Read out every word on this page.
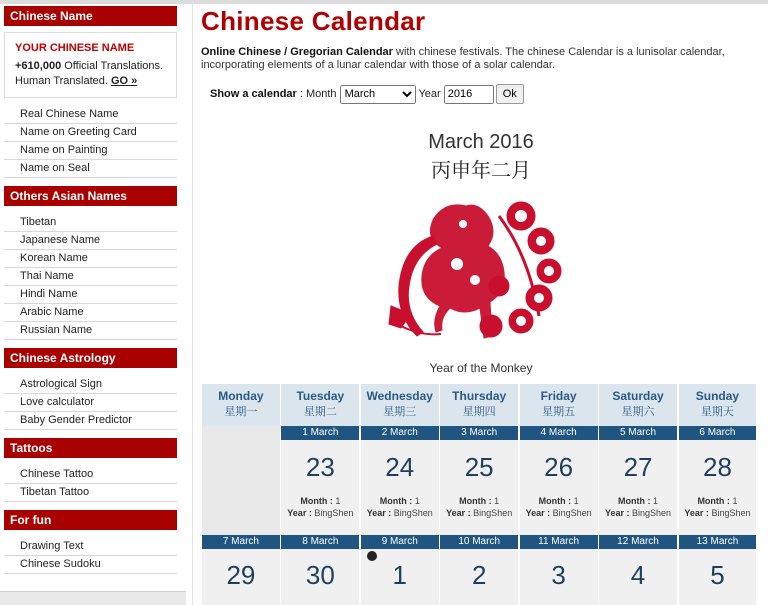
Chinese Name
YOUR CHINESE NAME
+610,000 Official Translations.
Human Translated. GO »
Real Chinese Name
Name on Greeting Card
Name on Painting
Name on Seal
Others Asian Names
Tibetan
Japanese Name
Korean Name
Thai Name
Hindi Name
Arabic Name
Russian Name
Chinese Astrology
Astrological Sign
Love calculator
Baby Gender Predictor
Tattoos
Chinese Tattoo
Tibetan Tattoo
For fun
Drawing Text
Chinese Sudoku
Chinese Calendar

Online Chinese / Gregorian Calendar with chinese festivals. The chinese Calendar is a lunisolar calendar, incorporating elements of a lunar calendar with those of a solar calendar.

Show a calendar : Month
March	Year 2016	Ok
March 2016
丙申年二月
Year of the Monkey
Monday
星期一
Tuesday
星期二
Wednesday
星期三
Thursday
星期四
Friday
星期五
Saturday
星期六
Sunday
星期天
1 March
23
Month : 1
Year : BingShen
2 March
24
Month : 1
Year : BingShen
3 March
25
Month : 1
Year : BingShen
4 March
26
Month : 1
Year : BingShen
5 March
27
Month : 1
Year : BingShen
6 March
28
Month : 1
Year : BingShen
7 March
29
8 March
30
9 March
1
10 March
2
11 March
3
12 March
4
13 March
5
